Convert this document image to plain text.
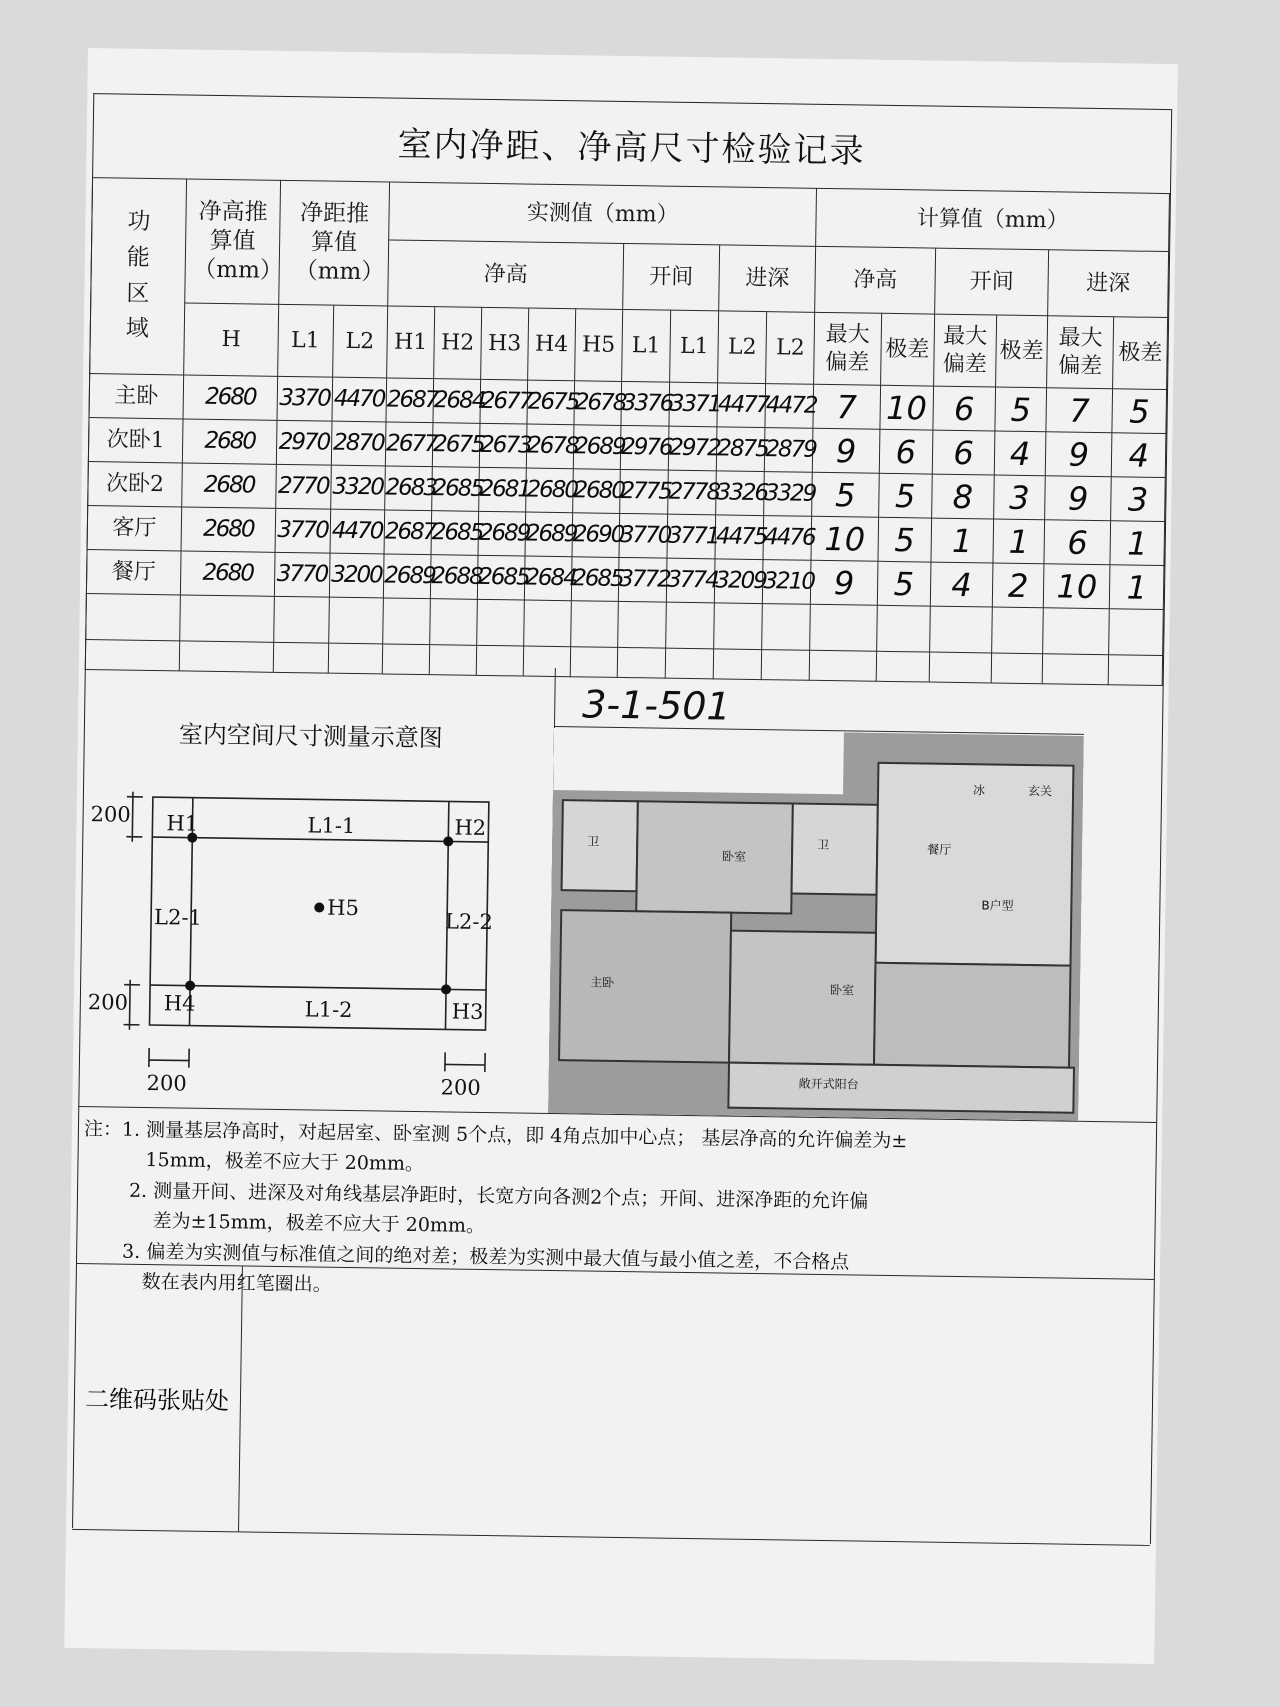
室内净距、净高尺寸检验记录
功能区域	净高推算值（mm）	净距推算值（mm）		实测值（mm）									计算值（mm）					
				净高					开间		进深		净高		开间		进深	
	H	L1	L2	H1	H2	H3	H4	H5	L1	L1	L2	L2	最大偏差	极差	最大偏差	极差	最大偏差	极差
主卧	2680	3370	4470	2687	2684	2677	2675	2678	3376	3371	4477	4472	7	10	6	5	7	5
次卧1	2680	2970	2870	2677	2675	2673	2678	2689	2976	2972	2875	2879	9	6	6	4	9	4
次卧2	2680	2770	3320	2683	2685	2681	2680	2680	2775	2778	3326	3329	5	5	8	3	9	3
客厅	2680	3770	4470	2687	2685	2689	2689	2690	3770	3771	4475	4476	10	5	1	1	6	1
餐厅	2680	3770	3200	2689	2688	2685	2684	2685	3772	3774	3209	3210	9	5	4	2	10	1

室内空间尺寸测量示意图
200
200
200	200
H1	H2
H3
H4
H5
L1-1
L1-2
L2-1	L2-2
卫
卧室
卫	餐厅
冰	玄关
B户型
主卧
卧室
敞开式阳台
3-1-501

注：1. 测量基层净高时，对起居室、卧室测 5个点，即 4角点加中心点； 基层净高的允许偏差为±

15mm，极差不应大于 20mm。

2. 测量开间、进深及对角线基层净距时，长宽方向各测2个点；开间、进深净距的允许偏

差为±15mm，极差不应大于 20mm。

3. 偏差为实测值与标准值之间的绝对差；极差为实测中最大值与最小值之差，不合格点

数在表内用红笔圈出。

二维码张贴处
